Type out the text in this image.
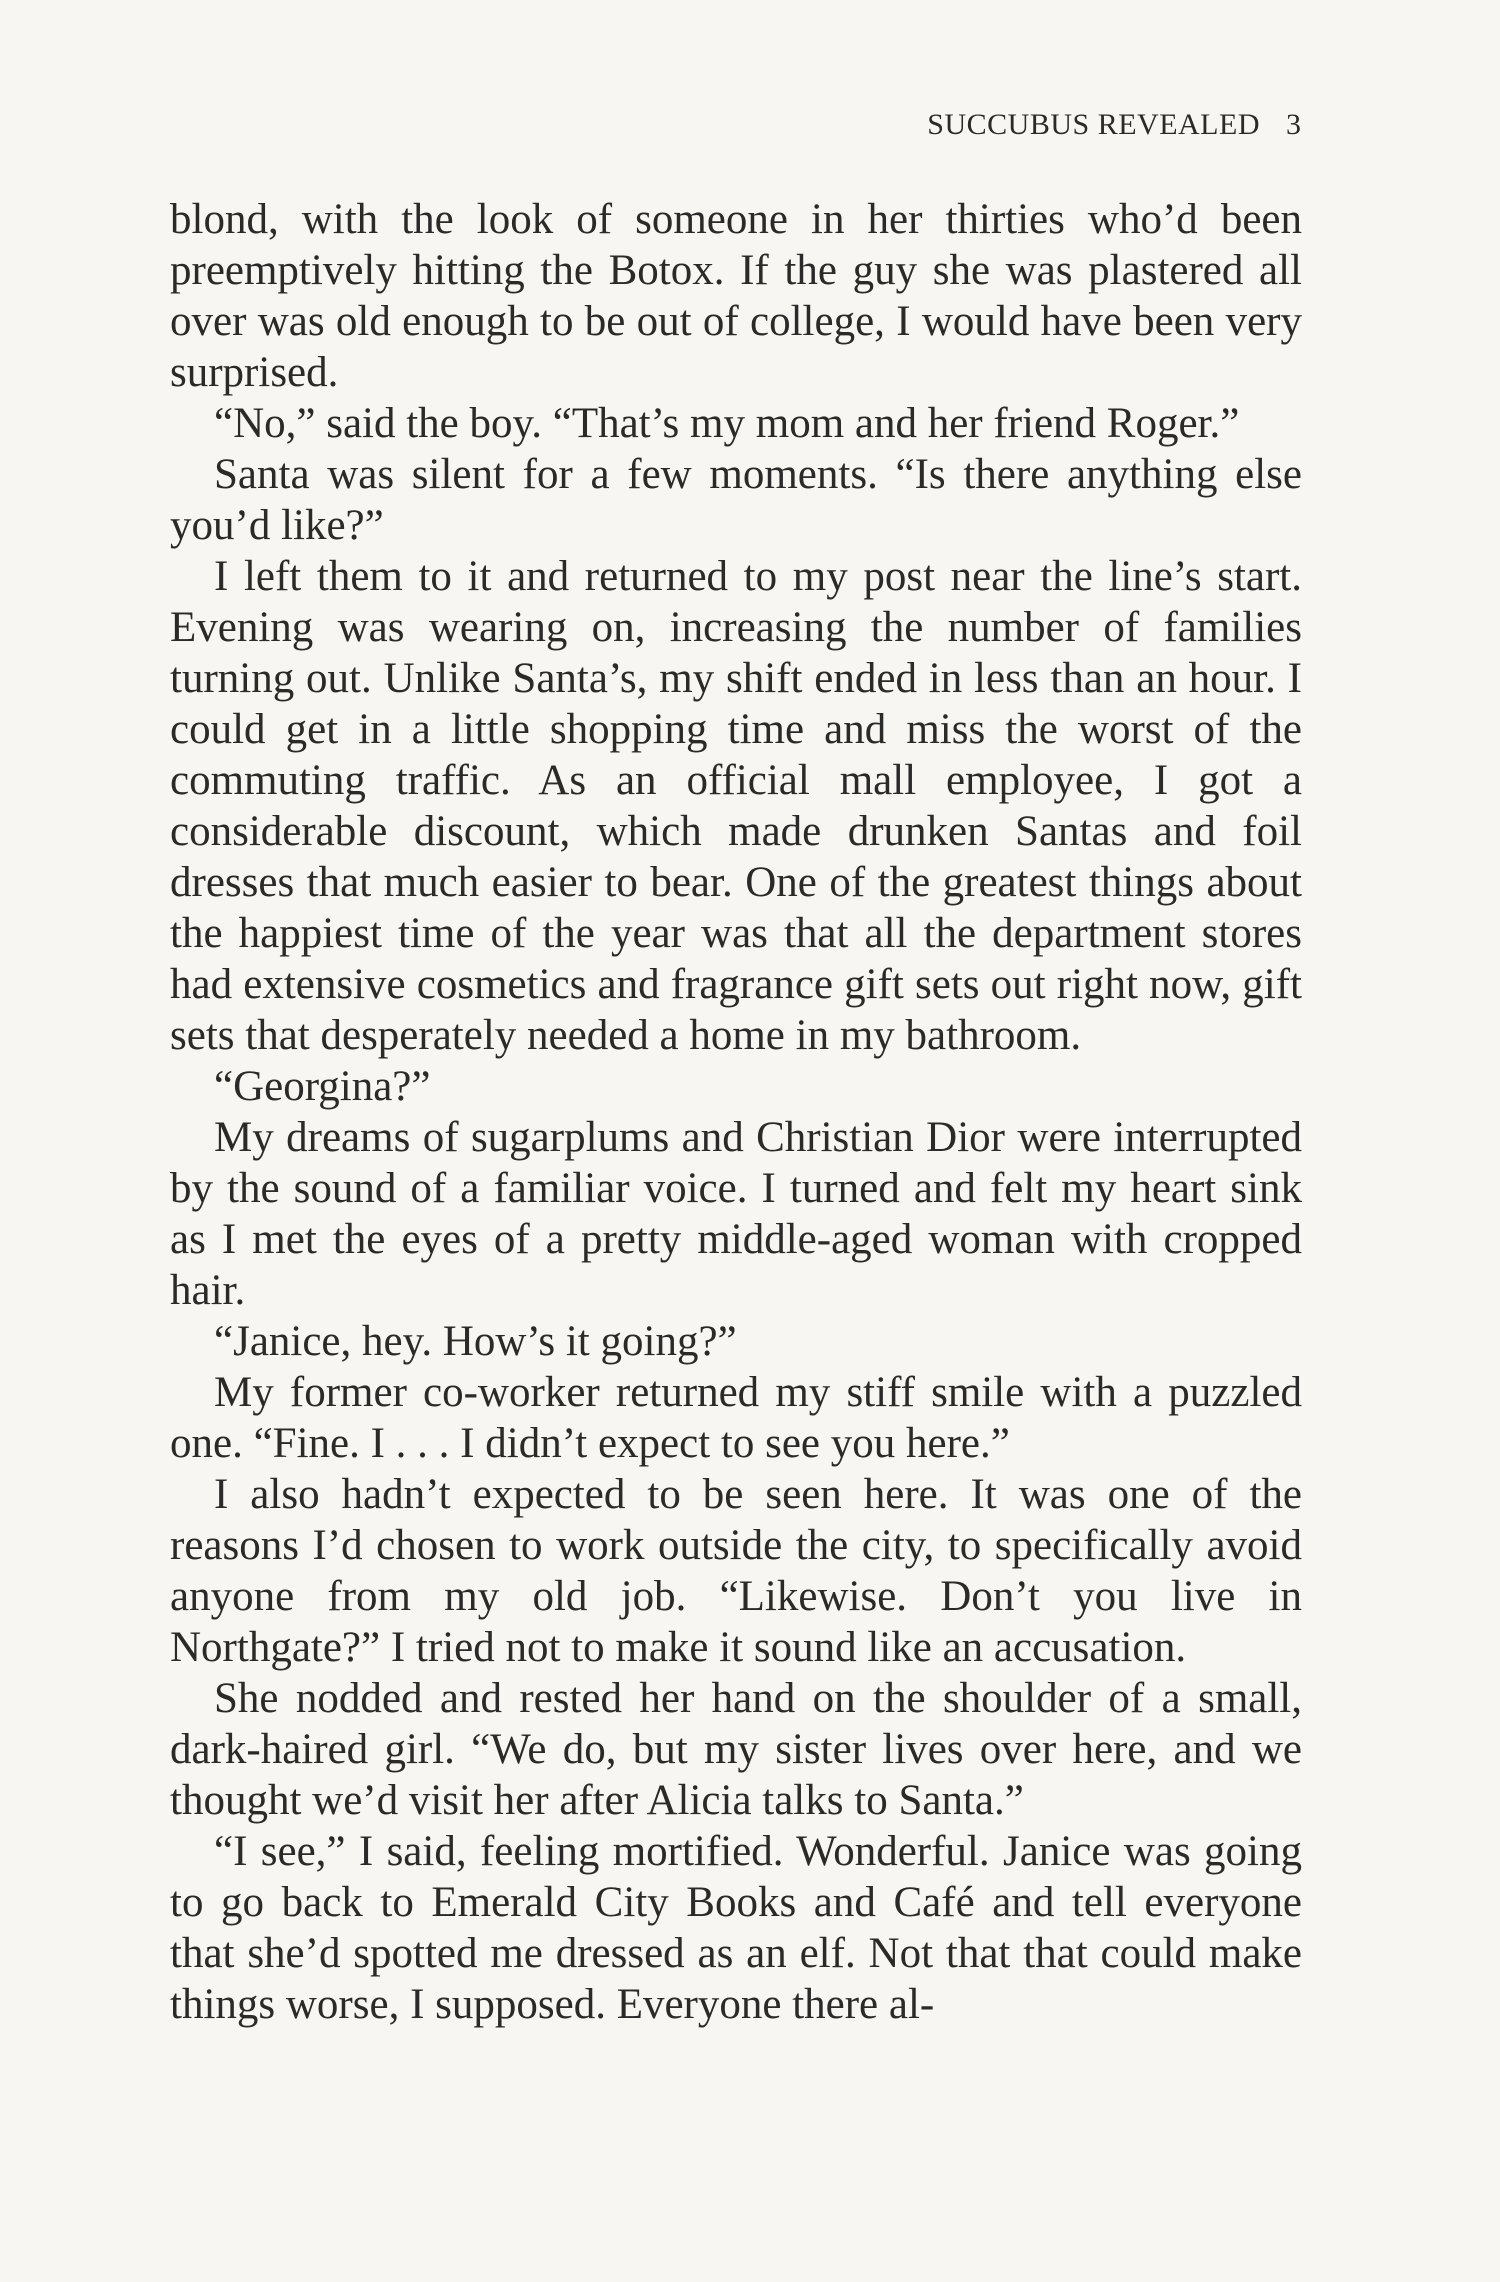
SUCCUBUS REVEALED 3

blond, with the look of someone in her thirties who’d been preemptively hitting the Botox. If the guy she was plastered all over was old enough to be out of college, I would have been very surprised.

“No,” said the boy. “That’s my mom and her friend Roger.”

Santa was silent for a few moments. “Is there anything else you’d like?”

I left them to it and returned to my post near the line’s start. Evening was wearing on, increasing the number of families turning out. Unlike Santa’s, my shift ended in less than an hour. I could get in a little shopping time and miss the worst of the commuting traffic. As an official mall employee, I got a considerable discount, which made drunken Santas and foil dresses that much easier to bear. One of the greatest things about the happiest time of the year was that all the department stores had extensive cosmetics and fragrance gift sets out right now, gift sets that desperately needed a home in my bathroom.

“Georgina?”

My dreams of sugarplums and Christian Dior were interrupted by the sound of a familiar voice. I turned and felt my heart sink as I met the eyes of a pretty middle-aged woman with cropped hair.

“Janice, hey. How’s it going?”

My former co-worker returned my stiff smile with a puzzled one. “Fine. I . . . I didn’t expect to see you here.”

I also hadn’t expected to be seen here. It was one of the reasons I’d chosen to work outside the city, to specifically avoid anyone from my old job. “Likewise. Don’t you live in Northgate?” I tried not to make it sound like an accusation.

She nodded and rested her hand on the shoulder of a small, dark-haired girl. “We do, but my sister lives over here, and we thought we’d visit her after Alicia talks to Santa.”

“I see,” I said, feeling mortified. Wonderful. Janice was going to go back to Emerald City Books and Café and tell everyone that she’d spotted me dressed as an elf. Not that that could make things worse, I supposed. Everyone there al-
